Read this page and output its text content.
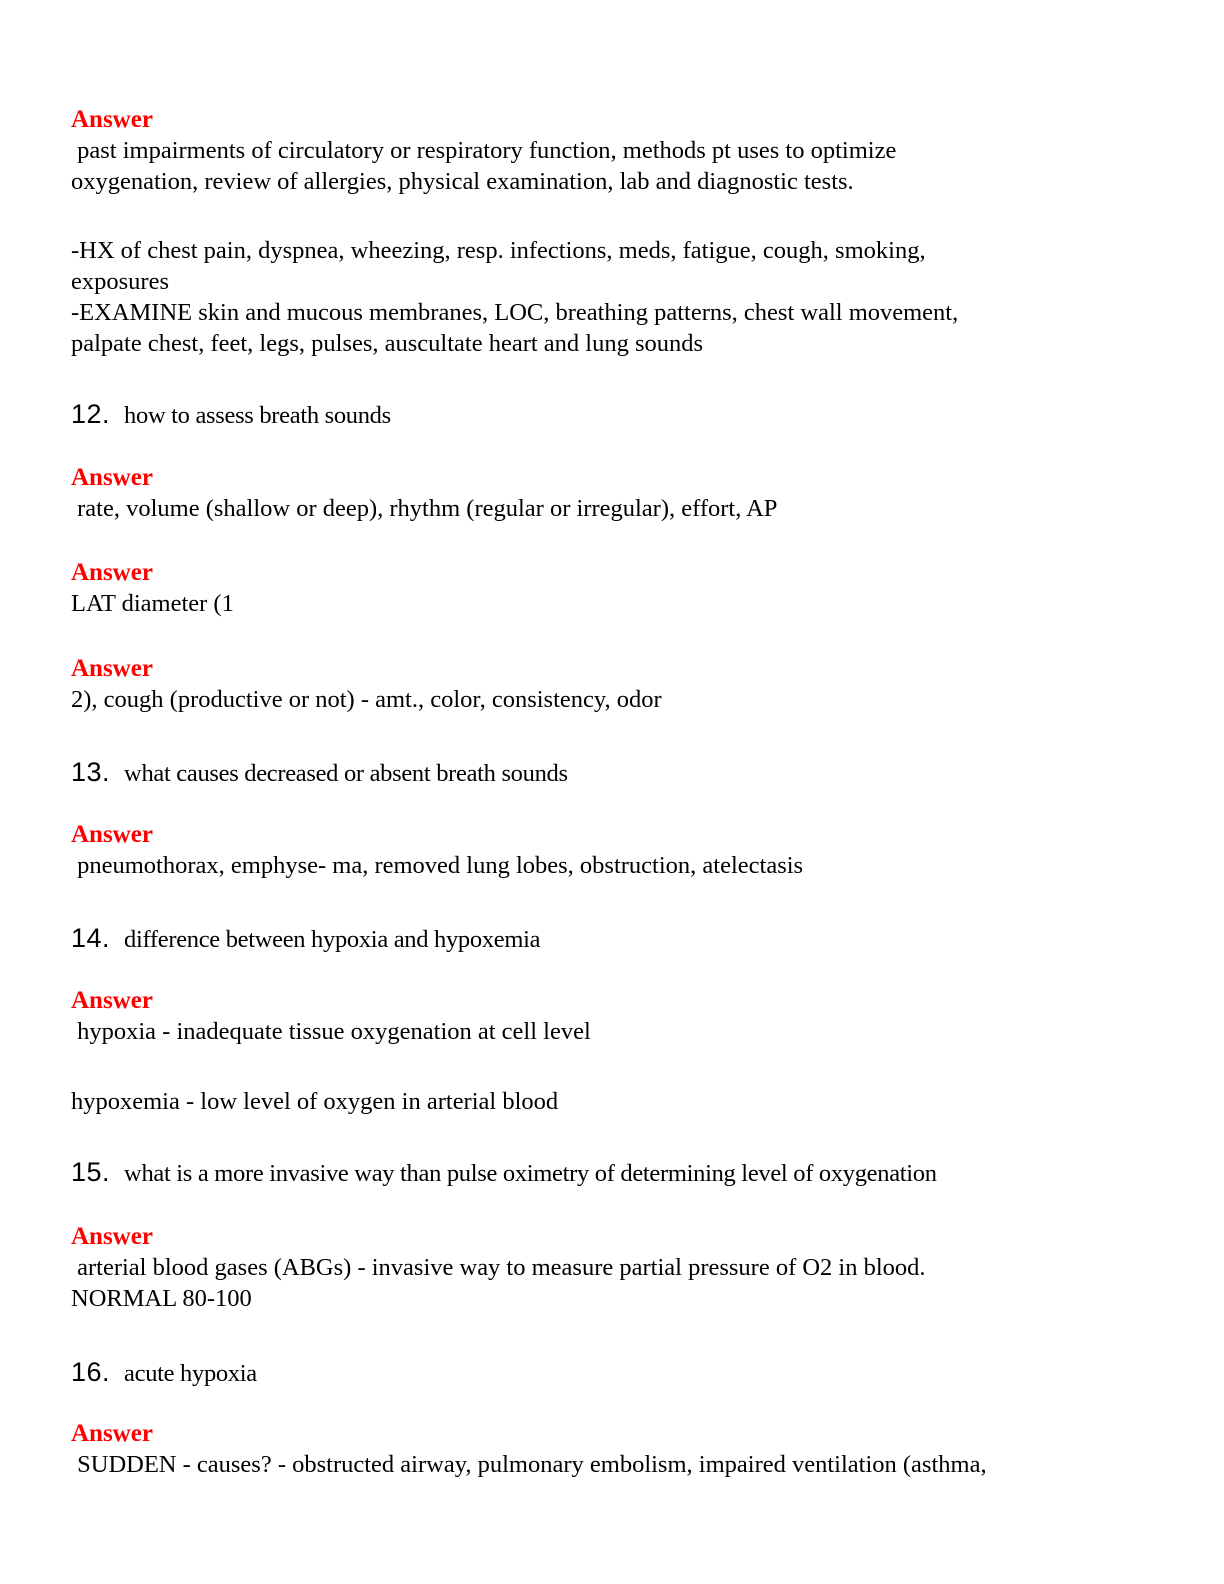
Answer
past impairments of circulatory or respiratory function, methods pt uses to optimize
oxygenation, review of allergies, physical examination, lab and diagnostic tests.
-HX of chest pain, dyspnea, wheezing, resp. infections, meds, fatigue, cough, smoking,
exposures
-EXAMINE skin and mucous membranes, LOC, breathing patterns, chest wall movement,
palpate chest, feet, legs, pulses, auscultate heart and lung sounds
12. how to assess breath sounds
Answer
rate, volume (shallow or deep), rhythm (regular or irregular), effort, AP
Answer
LAT diameter (1
Answer
2), cough (productive or not) - amt., color, consistency, odor
13. what causes decreased or absent breath sounds
Answer
pneumothorax, emphyse- ma, removed lung lobes, obstruction, atelectasis
14. difference between hypoxia and hypoxemia
Answer
hypoxia - inadequate tissue oxygenation at cell level
hypoxemia - low level of oxygen in arterial blood
15. what is a more invasive way than pulse oximetry of determining level of oxygenation
Answer
arterial blood gases (ABGs) - invasive way to measure partial pressure of O2 in blood.
NORMAL 80-100
16. acute hypoxia
Answer
SUDDEN - causes? - obstructed airway, pulmonary embolism, impaired ventilation (asthma,
